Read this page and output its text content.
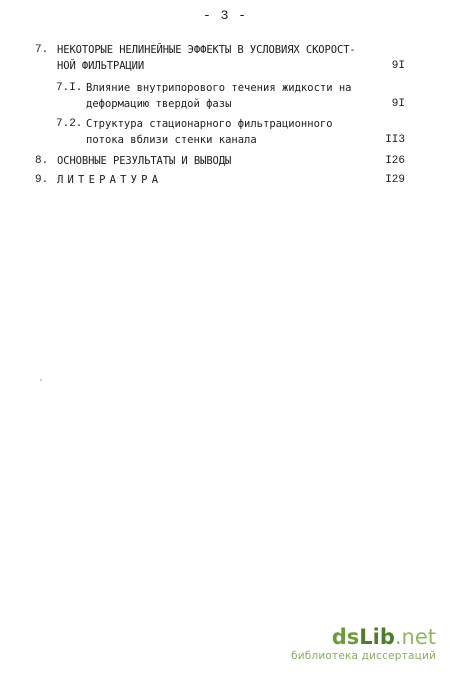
- 3 -
7. НЕКОТОРЫЕ НЕЛИНЕЙНЫЕ ЭФФЕКТЫ В УСЛОВИЯХ СКОРОСТ-
НОЙ ФИЛЬТРАЦИИ	9I
7.I. Влияние внутрипорового течения жидкости на
деформацию твердой фазы	9I
7.2. Структура стационарного фильтрационного
потока вблизи стенки канала	II3
8. ОСНОВНЫЕ РЕЗУЛЬТАТЫ И ВЫВОДЫ	I26
9. ЛИТЕРАТУРА	I29
dsLib.net
библиотека диссертаций
